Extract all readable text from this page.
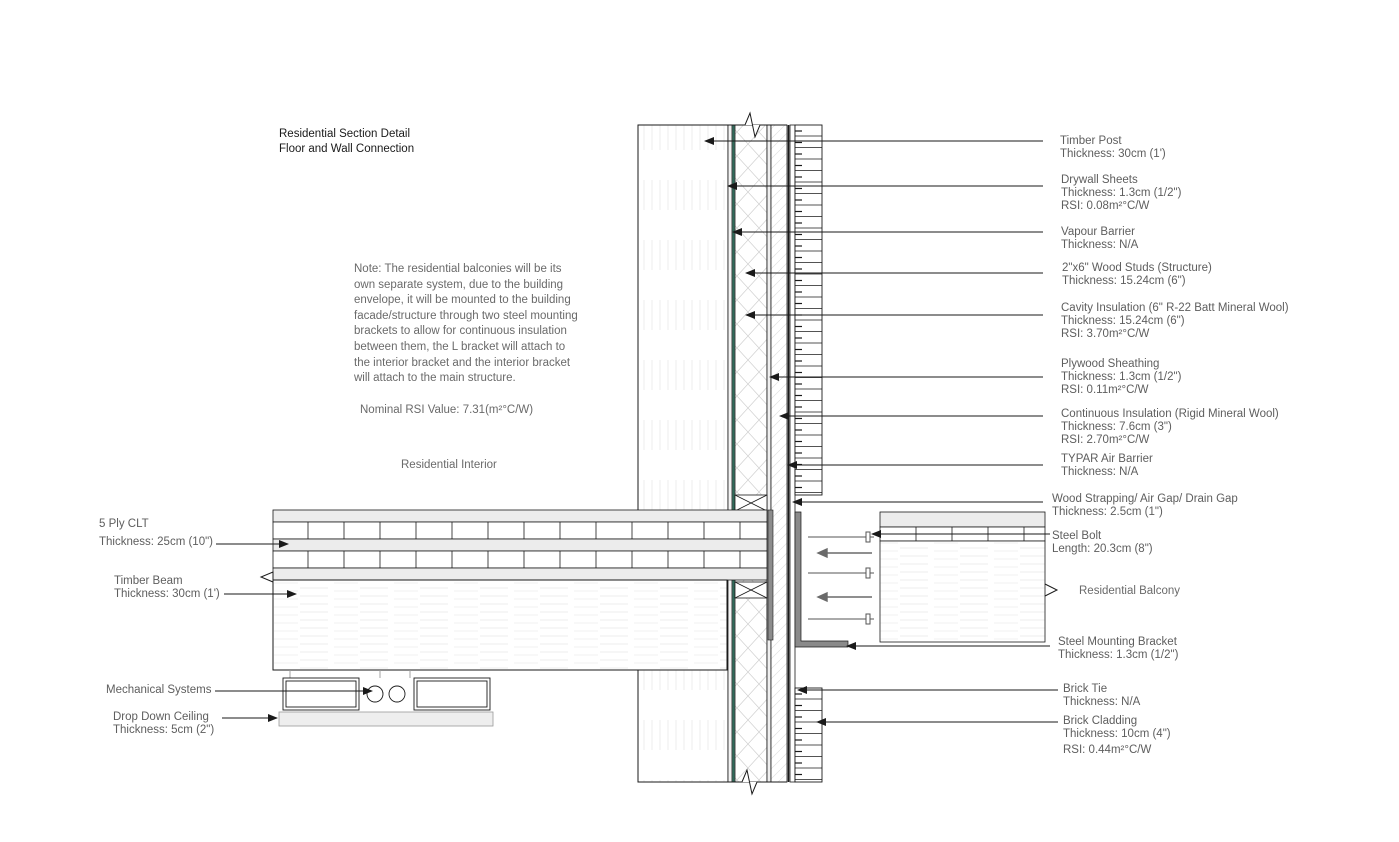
Residential Section Detail
Floor and Wall Connection
Note: The residential balconies will be its
own separate system, due to the building
envelope, it will be mounted to the building
facade/structure through two steel mounting
brackets to allow for continuous insulation
between them, the L bracket will attach to
the interior bracket and the interior bracket
will attach to the main structure.
Nominal RSI Value: 7.31(m²°C/W)
Residential Interior
Residential Balcony
Timber Post
Thickness: 30cm (1')
Drywall Sheets
Thickness: 1.3cm (1/2")
RSI: 0.08m²°C/W
Vapour Barrier
Thickness: N/A
2"x6" Wood Studs (Structure)
Thickness: 15.24cm (6")
Cavity Insulation (6" R-22 Batt Mineral Wool)
Thickness: 15.24cm (6")
RSI: 3.70m²°C/W
Plywood Sheathing
Thickness: 1.3cm (1/2")
RSI: 0.11m²°C/W
Continuous Insulation (Rigid Mineral Wool)
Thickness: 7.6cm (3")
RSI: 2.70m²°C/W
TYPAR Air Barrier
Thickness: N/A
Wood Strapping/ Air Gap/ Drain Gap
Thickness: 2.5cm (1")
Steel Bolt
Length: 20.3cm (8")
Steel Mounting Bracket
Thickness: 1.3cm (1/2")
Brick Tie
Thickness: N/A
Brick Cladding
Thickness: 10cm (4")
RSI: 0.44m²°C/W
5 Ply CLT
Thickness: 25cm (10")
Timber Beam
Thickness: 30cm (1')
Mechanical Systems
Drop Down Ceiling
Thickness: 5cm (2")
